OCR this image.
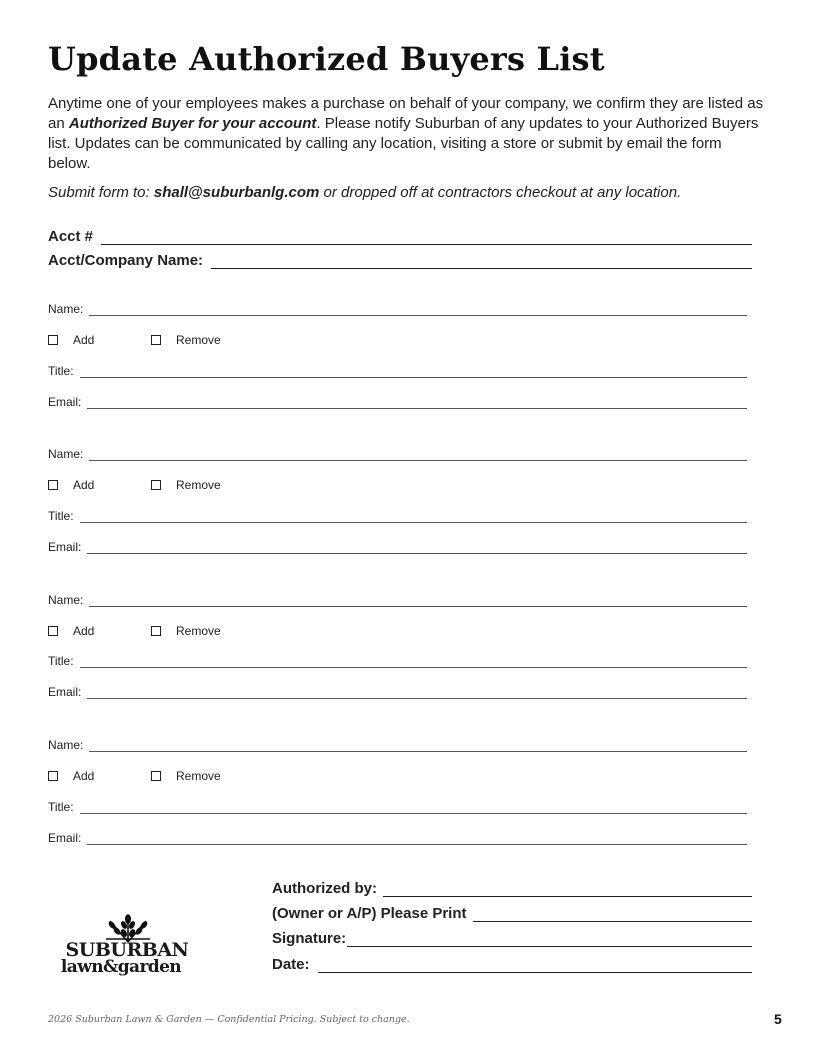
Update Authorized Buyers List

Anytime one of your employees makes a purchase on behalf of your company, we confirm they are listed as an Authorized Buyer for your account. Please notify Suburban of any updates to your Authorized Buyers list. Updates can be communicated by calling any location, visiting a store or submit by email the form below.

Submit form to: shall@suburbanlg.com or dropped off at contractors checkout at any location.

Acct #
Acct/Company Name:
Name:
Add	Remove
Title:
Email:
Name:
Add	Remove
Title:
Email:
Name:
Add	Remove
Title:
Email:
Name:
Add	Remove
Title:
Email:
Authorized by:
(Owner or A/P) Please Print
Signature:
Date:
SUBURBAN
lawn&garden
2026 Suburban Lawn & Garden — Confidential Pricing. Subject to change.	5
